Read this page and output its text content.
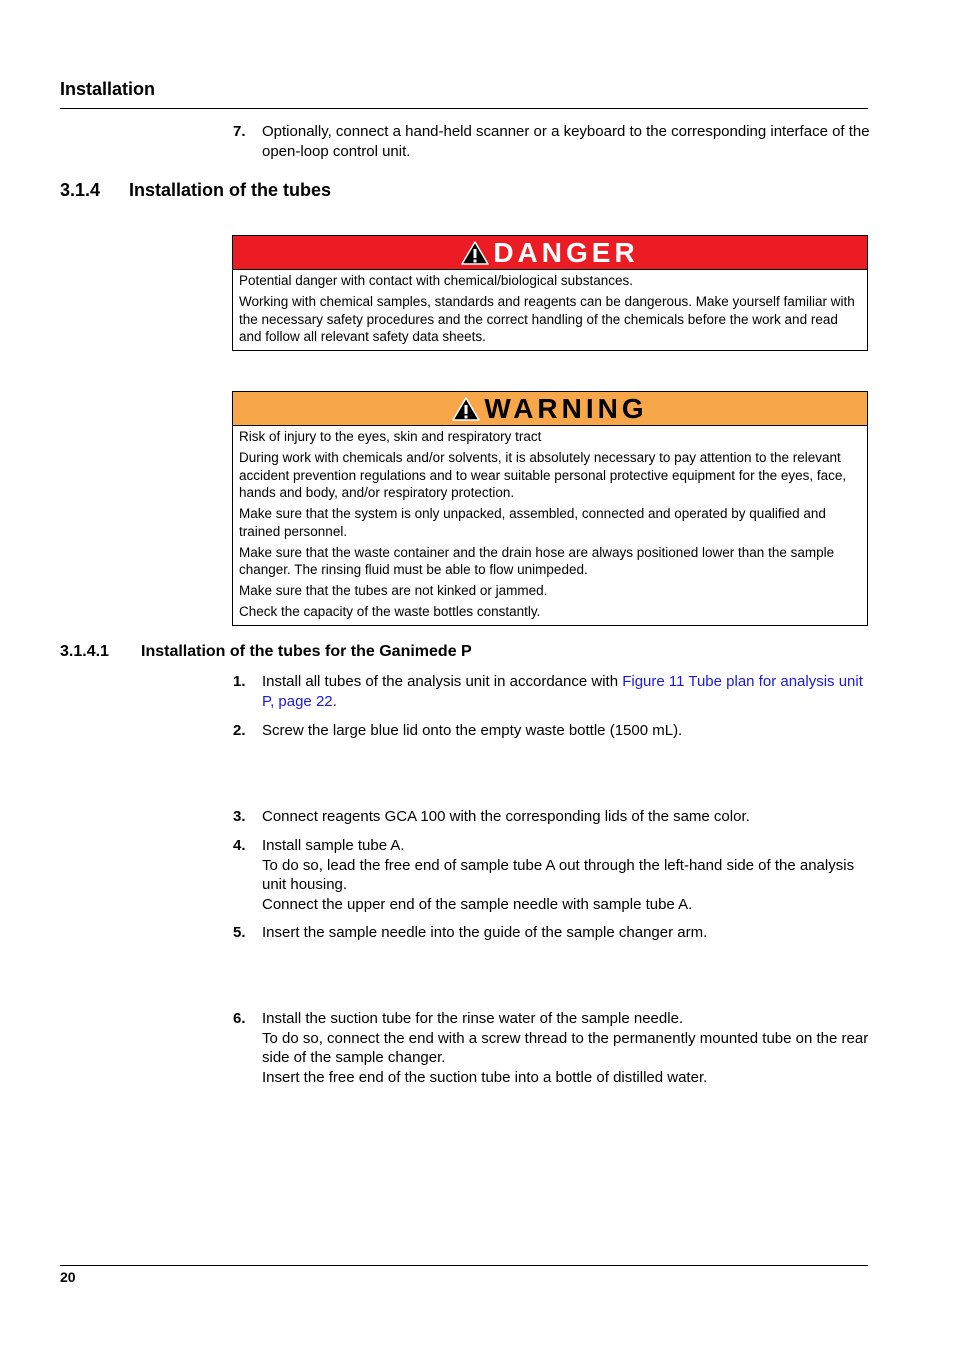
Installation
7. Optionally, connect a hand-held scanner or a keyboard to the corresponding interface of the open-loop control unit.
3.1.4 Installation of the tubes
DANGER

Potential danger with contact with chemical/biological substances.

Working with chemical samples, standards and reagents can be dangerous. Make yourself familiar with the necessary safety procedures and the correct handling of the chemicals before the work and read and follow all relevant safety data sheets.

WARNING

Risk of injury to the eyes, skin and respiratory tract

During work with chemicals and/or solvents, it is absolutely necessary to pay attention to the relevant accident prevention regulations and to wear suitable personal protective equipment for the eyes, face, hands and body, and/or respiratory protection.

Make sure that the system is only unpacked, assembled, connected and operated by qualified and trained personnel.

Make sure that the waste container and the drain hose are always positioned lower than the sample changer. The rinsing fluid must be able to flow unimpeded.

Make sure that the tubes are not kinked or jammed.

Check the capacity of the waste bottles constantly.

3.1.4.1 Installation of the tubes for the Ganimede P
1. Install all tubes of the analysis unit in accordance with Figure 11 Tube plan for analysis unit P, page 22.
2. Screw the large blue lid onto the empty waste bottle (1500 mL).
3. Connect reagents GCA 100 with the corresponding lids of the same color.
4. Install sample tube A.
To do so, lead the free end of sample tube A out through the left-hand side of the analysis unit housing.
Connect the upper end of the sample needle with sample tube A.
5. Insert the sample needle into the guide of the sample changer arm.
6. Install the suction tube for the rinse water of the sample needle.
To do so, connect the end with a screw thread to the permanently mounted tube on the rear side of the sample changer.
Insert the free end of the suction tube into a bottle of distilled water.
20
